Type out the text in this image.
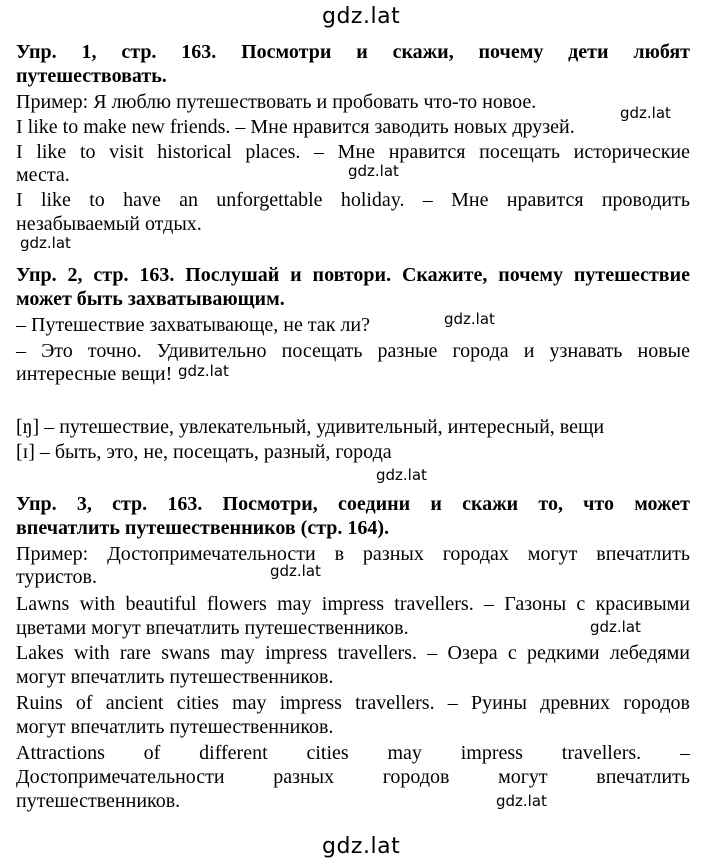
gdz.lat
gdz.lat
gdz.lat
gdz.lat
gdz.lat
gdz.lat
gdz.lat
gdz.lat
gdz.lat
gdz.lat
gdz.lat
Упр. 1, стр. 163. Посмотри и скажи, почему дети любят
путешествовать.
Пример: Я люблю путешествовать и пробовать что-то новое.
I like to make new friends. – Мне нравится заводить новых друзей.
I like to visit historical places. – Мне нравится посещать исторические
места.
I like to have an unforgettable holiday. – Мне нравится проводить
незабываемый отдых.
Упр. 2, стр. 163. Послушай и повтори. Скажите, почему путешествие
может быть захватывающим.
– Путешествие захватывающе, не так ли?
– Это точно. Удивительно посещать разные города и узнавать новые
интересные вещи!
[ŋ] – путешествие, увлекательный, удивительный, интересный, вещи
[ɪ] – быть, это, не, посещать, разный, города
Упр. 3, стр. 163. Посмотри, соедини и скажи то, что может
впечатлить путешественников (стр. 164).
Пример: Достопримечательности в разных городах могут впечатлить
туристов.
Lawns with beautiful flowers may impress travellers. – Газоны с красивыми
цветами могут впечатлить путешественников.
Lakes with rare swans may impress travellers. – Озера с редкими лебедями
могут впечатлить путешественников.
Ruins of ancient cities may impress travellers. – Руины древних городов
могут впечатлить путешественников.
Attractions of different cities may impress travellers. –
Достопримечательности разных городов могут впечатлить
путешественников.
